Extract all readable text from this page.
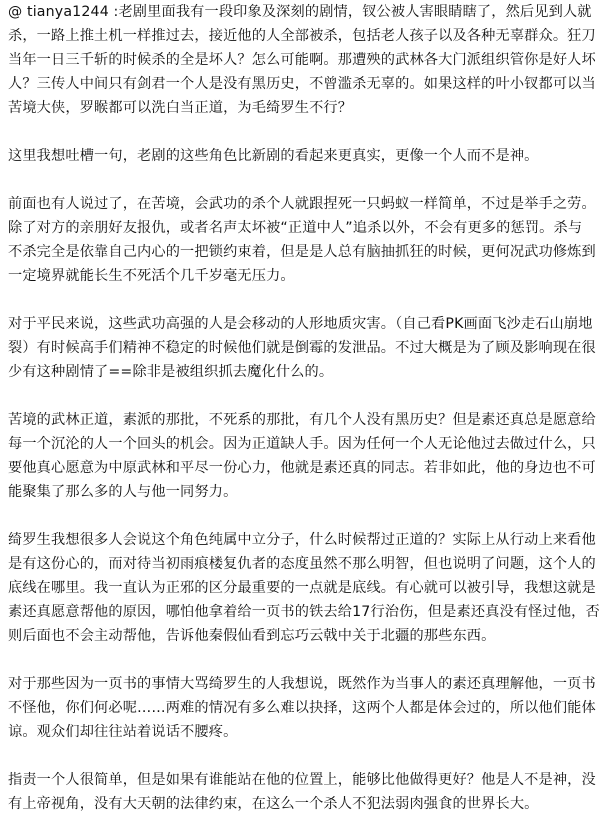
@ tianya1244 :老剧里面我有一段印象及深刻的剧情，钗公被人害眼睛瞎了，然后见到人就
杀，一路上推土机一样推过去，接近他的人全部被杀，包括老人孩子以及各种无辜群众。狂刀
当年一日三千斩的时候杀的全是坏人？怎么可能啊。那遭殃的武林各大门派组织管你是好人坏
人？三传人中间只有剑君一个人是没有黑历史，不曾滥杀无辜的。如果这样的叶小钗都可以当
苦境大侠，罗睺都可以洗白当正道，为毛绮罗生不行？
这里我想吐槽一句，老剧的这些角色比新剧的看起来更真实，更像一个人而不是神。
前面也有人说过了，在苦境，会武功的杀个人就跟捏死一只蚂蚁一样简单，不过是举手之劳。
除了对方的亲朋好友报仇，或者名声太坏被“正道中人”追杀以外，不会有更多的惩罚。杀与
不杀完全是依靠自己内心的一把锁约束着，但是是人总有脑抽抓狂的时候，更何况武功修炼到
一定境界就能长生不死活个几千岁毫无压力。
对于平民来说，这些武功高强的人是会移动的人形地质灾害。（自己看PK画面飞沙走石山崩地
裂）有时候高手们精神不稳定的时候他们就是倒霉的发泄品。不过大概是为了顾及影响现在很
少有这种剧情了==除非是被组织抓去魔化什么的。
苦境的武林正道，素派的那批，不死系的那批，有几个人没有黑历史？但是素还真总是愿意给
每一个沉沦的人一个回头的机会。因为正道缺人手。因为任何一个人无论他过去做过什么，只
要他真心愿意为中原武林和平尽一份心力，他就是素还真的同志。若非如此，他的身边也不可
能聚集了那么多的人与他一同努力。
绮罗生我想很多人会说这个角色纯属中立分子，什么时候帮过正道的？实际上从行动上来看他
是有这份心的，而对待当初雨痕楼复仇者的态度虽然不那么明智，但也说明了问题，这个人的
底线在哪里。我一直认为正邪的区分最重要的一点就是底线。有心就可以被引导，我想这就是
素还真愿意帮他的原因，哪怕他拿着给一页书的铁去给17行治伤，但是素还真没有怪过他，否
则后面也不会主动帮他，告诉他秦假仙看到忘巧云戟中关于北疆的那些东西。
对于那些因为一页书的事情大骂绮罗生的人我想说，既然作为当事人的素还真理解他，一页书
不怪他，你们何必呢……两难的情况有多么难以抉择，这两个人都是体会过的，所以他们能体
谅。观众们却往往站着说话不腰疼。
指责一个人很简单，但是如果有谁能站在他的位置上，能够比他做得更好？他是人不是神，没
有上帝视角，没有大天朝的法律约束，在这么一个杀人不犯法弱肉强食的世界长大。
